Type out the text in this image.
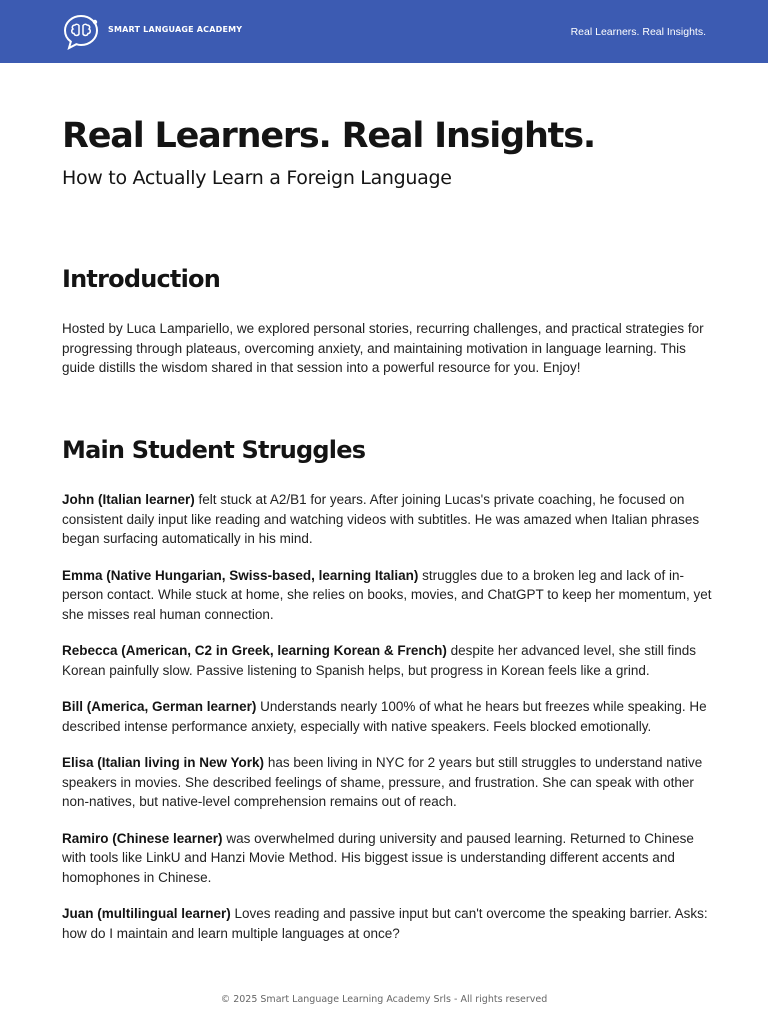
SMART LANGUAGE ACADEMY	Real Learners. Real Insights.
Real Learners. Real Insights.

How to Actually Learn a Foreign Language

Introduction

Hosted by Luca Lampariello, we explored personal stories, recurring challenges, and practical strategies for progressing through plateaus, overcoming anxiety, and maintaining motivation in language learning. This guide distills the wisdom shared in that session into a powerful resource for you. Enjoy!

Main Student Struggles

John (Italian learner) felt stuck at A2/B1 for years. After joining Lucas's private coaching, he focused on consistent daily input like reading and watching videos with subtitles. He was amazed when Italian phrases began surfacing automatically in his mind.

Emma (Native Hungarian, Swiss-based, learning Italian) struggles due to a broken leg and lack of in-person contact. While stuck at home, she relies on books, movies, and ChatGPT to keep her momentum, yet she misses real human connection.

Rebecca (American, C2 in Greek, learning Korean & French) despite her advanced level, she still finds Korean painfully slow. Passive listening to Spanish helps, but progress in Korean feels like a grind.

Bill (America, German learner) Understands nearly 100% of what he hears but freezes while speaking. He described intense performance anxiety, especially with native speakers. Feels blocked emotionally.

Elisa (Italian living in New York) has been living in NYC for 2 years but still struggles to understand native speakers in movies. She described feelings of shame, pressure, and frustration. She can speak with other non-natives, but native-level comprehension remains out of reach.

Ramiro (Chinese learner) was overwhelmed during university and paused learning. Returned to Chinese with tools like LinkU and Hanzi Movie Method. His biggest issue is understanding different accents and homophones in Chinese.

Juan (multilingual learner) Loves reading and passive input but can't overcome the speaking barrier. Asks: how do I maintain and learn multiple languages at once?

© 2025 Smart Language Learning Academy Srls - All rights reserved
